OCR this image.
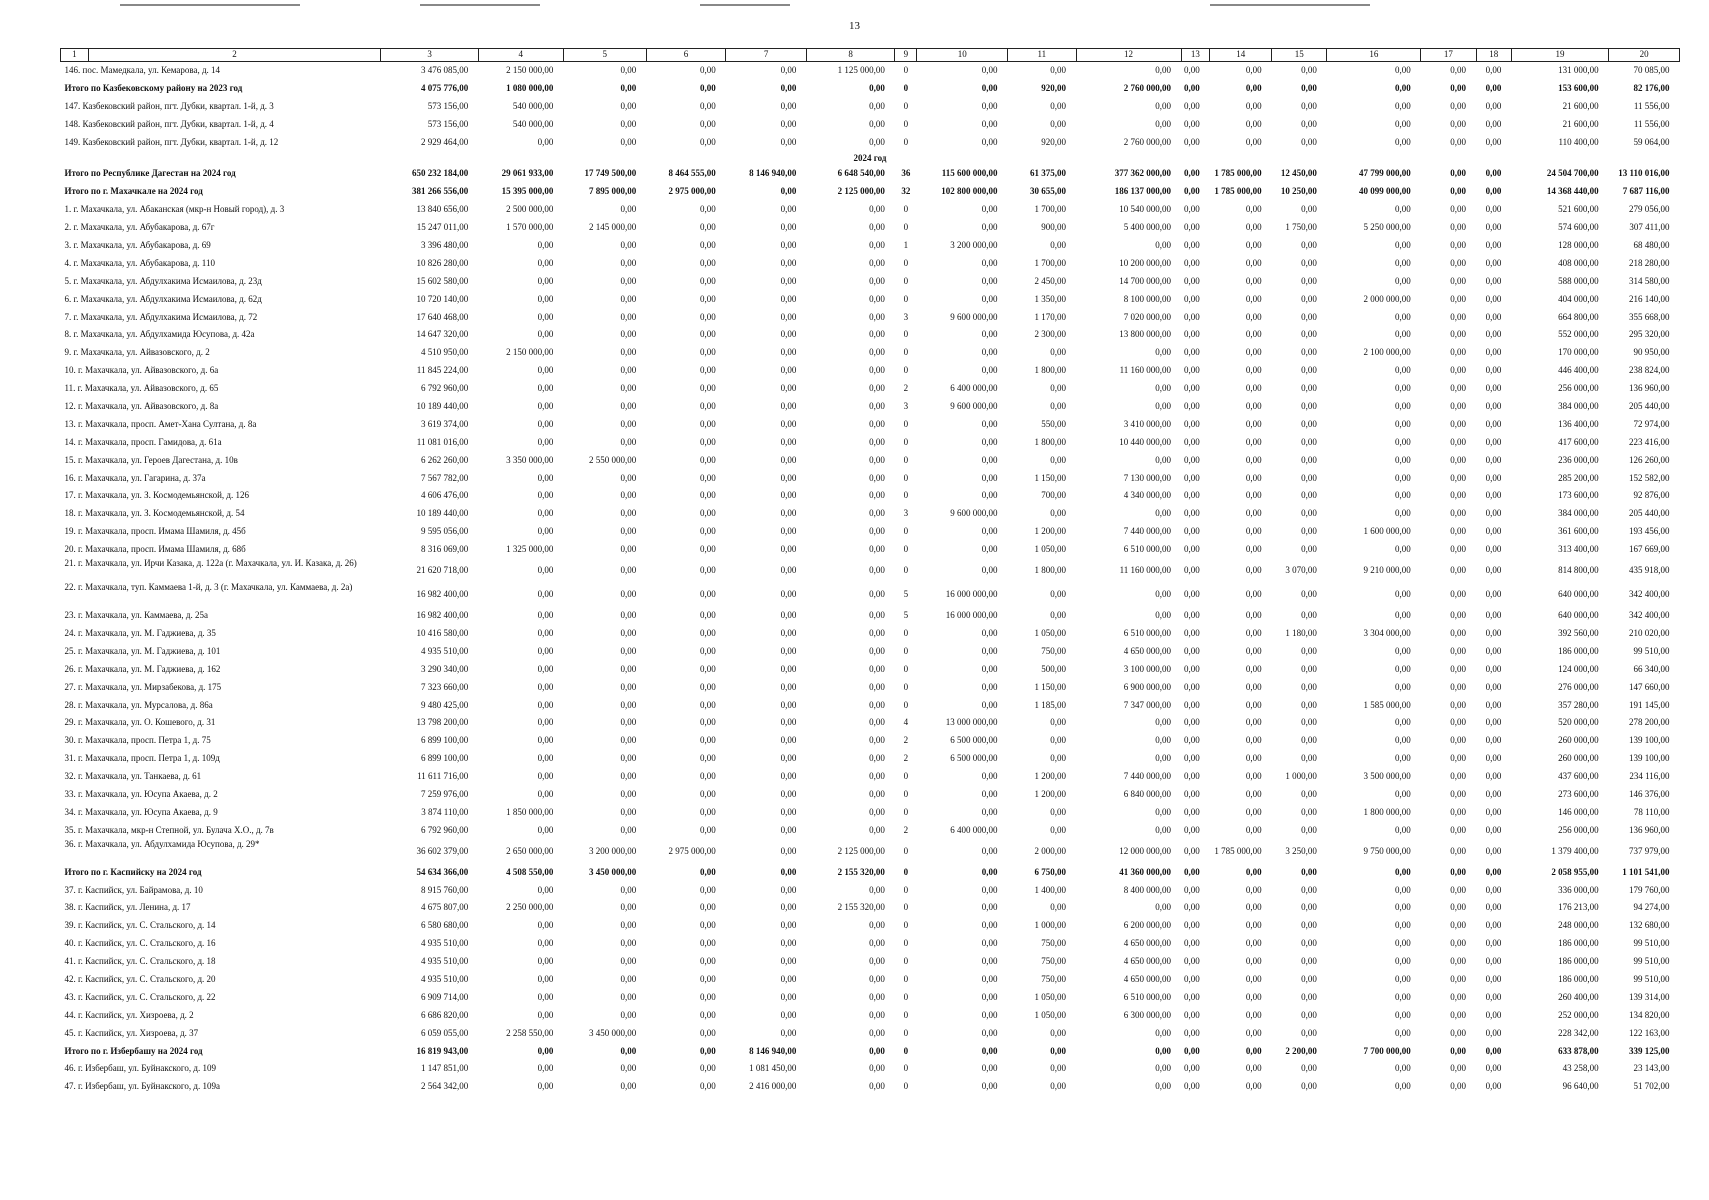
13
1	2	3	4	5	6	7	8	9	10	11	12	13	14	15	16	17	18	19	20
146. пос. Мамедкала, ул. Кемарова, д. 14		3 476 085,00	2 150 000,00	0,00	0,00	0,00	1 125 000,00	0	0,00	0,00	0,00	0,00	0,00	0,00	0,00	0,00	0,00	131 000,00	70 085,00
Итого по Казбековскому району на 2023 год		4 075 776,00	1 080 000,00	0,00	0,00	0,00	0,00	0	0,00	920,00	2 760 000,00	0,00	0,00	0,00	0,00	0,00	0,00	153 600,00	82 176,00
147. Казбековский район, пгт. Дубки, квартал. 1-й, д. 3		573 156,00	540 000,00	0,00	0,00	0,00	0,00	0	0,00	0,00	0,00	0,00	0,00	0,00	0,00	0,00	0,00	21 600,00	11 556,00
148. Казбековский район, пгт. Дубки, квартал. 1-й, д. 4		573 156,00	540 000,00	0,00	0,00	0,00	0,00	0	0,00	0,00	0,00	0,00	0,00	0,00	0,00	0,00	0,00	21 600,00	11 556,00
149. Казбековский район, пгт. Дубки, квартал. 1-й, д. 12		2 929 464,00	0,00	0,00	0,00	0,00	0,00	0	0,00	920,00	2 760 000,00	0,00	0,00	0,00	0,00	0,00	0,00	110 400,00	59 064,00
2024 год																			
Итого по Республике Дагестан на 2024 год		650 232 184,00	29 061 933,00	17 749 500,00	8 464 555,00	8 146 940,00	6 648 540,00	36	115 600 000,00	61 375,00	377 362 000,00	0,00	1 785 000,00	12 450,00	47 799 000,00	0,00	0,00	24 504 700,00	13 110 016,00
Итого по г. Махачкале на 2024 год		381 266 556,00	15 395 000,00	7 895 000,00	2 975 000,00	0,00	2 125 000,00	32	102 800 000,00	30 655,00	186 137 000,00	0,00	1 785 000,00	10 250,00	40 099 000,00	0,00	0,00	14 368 440,00	7 687 116,00
1. г. Махачкала, ул. Абаканская (мкр-н Новый город), д. 3		13 840 656,00	2 500 000,00	0,00	0,00	0,00	0,00	0	0,00	1 700,00	10 540 000,00	0,00	0,00	0,00	0,00	0,00	0,00	521 600,00	279 056,00
2. г. Махачкала, ул. Абубакарова, д. 67г		15 247 011,00	1 570 000,00	2 145 000,00	0,00	0,00	0,00	0	0,00	900,00	5 400 000,00	0,00	0,00	1 750,00	5 250 000,00	0,00	0,00	574 600,00	307 411,00
3. г. Махачкала, ул. Абубакарова, д. 69		3 396 480,00	0,00	0,00	0,00	0,00	0,00	1	3 200 000,00	0,00	0,00	0,00	0,00	0,00	0,00	0,00	0,00	128 000,00	68 480,00
4. г. Махачкала, ул. Абубакарова, д. 110		10 826 280,00	0,00	0,00	0,00	0,00	0,00	0	0,00	1 700,00	10 200 000,00	0,00	0,00	0,00	0,00	0,00	0,00	408 000,00	218 280,00
5. г. Махачкала, ул. Абдулхакима Исмаилова, д. 23д		15 602 580,00	0,00	0,00	0,00	0,00	0,00	0	0,00	2 450,00	14 700 000,00	0,00	0,00	0,00	0,00	0,00	0,00	588 000,00	314 580,00
6. г. Махачкала, ул. Абдулхакима Исмаилова, д. 62д		10 720 140,00	0,00	0,00	0,00	0,00	0,00	0	0,00	1 350,00	8 100 000,00	0,00	0,00	0,00	2 000 000,00	0,00	0,00	404 000,00	216 140,00
7. г. Махачкала, ул. Абдулхакима Исмаилова, д. 72		17 640 468,00	0,00	0,00	0,00	0,00	0,00	3	9 600 000,00	1 170,00	7 020 000,00	0,00	0,00	0,00	0,00	0,00	0,00	664 800,00	355 668,00
8. г. Махачкала, ул. Абдулхамида Юсупова, д. 42а		14 647 320,00	0,00	0,00	0,00	0,00	0,00	0	0,00	2 300,00	13 800 000,00	0,00	0,00	0,00	0,00	0,00	0,00	552 000,00	295 320,00
9. г. Махачкала, ул. Айвазовского, д. 2		4 510 950,00	2 150 000,00	0,00	0,00	0,00	0,00	0	0,00	0,00	0,00	0,00	0,00	0,00	2 100 000,00	0,00	0,00	170 000,00	90 950,00
10. г. Махачкала, ул. Айвазовского, д. 6а		11 845 224,00	0,00	0,00	0,00	0,00	0,00	0	0,00	1 800,00	11 160 000,00	0,00	0,00	0,00	0,00	0,00	0,00	446 400,00	238 824,00
11. г. Махачкала, ул. Айвазовского, д. 65		6 792 960,00	0,00	0,00	0,00	0,00	0,00	2	6 400 000,00	0,00	0,00	0,00	0,00	0,00	0,00	0,00	0,00	256 000,00	136 960,00
12. г. Махачкала, ул. Айвазовского, д. 8а		10 189 440,00	0,00	0,00	0,00	0,00	0,00	3	9 600 000,00	0,00	0,00	0,00	0,00	0,00	0,00	0,00	0,00	384 000,00	205 440,00
13. г. Махачкала, просп. Амет-Хана Султана, д. 8а		3 619 374,00	0,00	0,00	0,00	0,00	0,00	0	0,00	550,00	3 410 000,00	0,00	0,00	0,00	0,00	0,00	0,00	136 400,00	72 974,00
14. г. Махачкала, просп. Гамидова, д. 61а		11 081 016,00	0,00	0,00	0,00	0,00	0,00	0	0,00	1 800,00	10 440 000,00	0,00	0,00	0,00	0,00	0,00	0,00	417 600,00	223 416,00
15. г. Махачкала, ул. Героев Дагестана, д. 10в		6 262 260,00	3 350 000,00	2 550 000,00	0,00	0,00	0,00	0	0,00	0,00	0,00	0,00	0,00	0,00	0,00	0,00	0,00	236 000,00	126 260,00
16. г. Махачкала, ул. Гагарина, д. 37а		7 567 782,00	0,00	0,00	0,00	0,00	0,00	0	0,00	1 150,00	7 130 000,00	0,00	0,00	0,00	0,00	0,00	0,00	285 200,00	152 582,00
17. г. Махачкала, ул. З. Космодемьянской, д. 126		4 606 476,00	0,00	0,00	0,00	0,00	0,00	0	0,00	700,00	4 340 000,00	0,00	0,00	0,00	0,00	0,00	0,00	173 600,00	92 876,00
18. г. Махачкала, ул. З. Космодемьянской, д. 54		10 189 440,00	0,00	0,00	0,00	0,00	0,00	3	9 600 000,00	0,00	0,00	0,00	0,00	0,00	0,00	0,00	0,00	384 000,00	205 440,00
19. г. Махачкала, просп. Имама Шамиля, д. 45б		9 595 056,00	0,00	0,00	0,00	0,00	0,00	0	0,00	1 200,00	7 440 000,00	0,00	0,00	0,00	1 600 000,00	0,00	0,00	361 600,00	193 456,00
20. г. Махачкала, просп. Имама Шамиля, д. 68б		8 316 069,00	1 325 000,00	0,00	0,00	0,00	0,00	0	0,00	1 050,00	6 510 000,00	0,00	0,00	0,00	0,00	0,00	0,00	313 400,00	167 669,00
21. г. Махачкала, ул. Ирчи Казака, д. 122а (г. Махачкала, ул. И. Казака, д. 26)		21 620 718,00	0,00	0,00	0,00	0,00	0,00	0	0,00	1 800,00	11 160 000,00	0,00	0,00	3 070,00	9 210 000,00	0,00	0,00	814 800,00	435 918,00
22. г. Махачкала, туп. Каммаева 1-й, д. 3 (г. Махачкала, ул. Каммаева, д. 2а)		16 982 400,00	0,00	0,00	0,00	0,00	0,00	5	16 000 000,00	0,00	0,00	0,00	0,00	0,00	0,00	0,00	0,00	640 000,00	342 400,00
23. г. Махачкала, ул. Каммаева, д. 25а		16 982 400,00	0,00	0,00	0,00	0,00	0,00	5	16 000 000,00	0,00	0,00	0,00	0,00	0,00	0,00	0,00	0,00	640 000,00	342 400,00
24. г. Махачкала, ул. М. Гаджиева, д. 35		10 416 580,00	0,00	0,00	0,00	0,00	0,00	0	0,00	1 050,00	6 510 000,00	0,00	0,00	1 180,00	3 304 000,00	0,00	0,00	392 560,00	210 020,00
25. г. Махачкала, ул. М. Гаджиева, д. 101		4 935 510,00	0,00	0,00	0,00	0,00	0,00	0	0,00	750,00	4 650 000,00	0,00	0,00	0,00	0,00	0,00	0,00	186 000,00	99 510,00
26. г. Махачкала, ул. М. Гаджиева, д. 162		3 290 340,00	0,00	0,00	0,00	0,00	0,00	0	0,00	500,00	3 100 000,00	0,00	0,00	0,00	0,00	0,00	0,00	124 000,00	66 340,00
27. г. Махачкала, ул. Мирзабекова, д. 175		7 323 660,00	0,00	0,00	0,00	0,00	0,00	0	0,00	1 150,00	6 900 000,00	0,00	0,00	0,00	0,00	0,00	0,00	276 000,00	147 660,00
28. г. Махачкала, ул. Мурсалова, д. 86а		9 480 425,00	0,00	0,00	0,00	0,00	0,00	0	0,00	1 185,00	7 347 000,00	0,00	0,00	0,00	1 585 000,00	0,00	0,00	357 280,00	191 145,00
29. г. Махачкала, ул. О. Кошевого, д. 31		13 798 200,00	0,00	0,00	0,00	0,00	0,00	4	13 000 000,00	0,00	0,00	0,00	0,00	0,00	0,00	0,00	0,00	520 000,00	278 200,00
30. г. Махачкала, просп. Петра 1, д. 75		6 899 100,00	0,00	0,00	0,00	0,00	0,00	2	6 500 000,00	0,00	0,00	0,00	0,00	0,00	0,00	0,00	0,00	260 000,00	139 100,00
31. г. Махачкала, просп. Петра 1, д. 109д		6 899 100,00	0,00	0,00	0,00	0,00	0,00	2	6 500 000,00	0,00	0,00	0,00	0,00	0,00	0,00	0,00	0,00	260 000,00	139 100,00
32. г. Махачкала, ул. Танкаева, д. 61		11 611 716,00	0,00	0,00	0,00	0,00	0,00	0	0,00	1 200,00	7 440 000,00	0,00	0,00	1 000,00	3 500 000,00	0,00	0,00	437 600,00	234 116,00
33. г. Махачкала, ул. Юсупа Акаева, д. 2		7 259 976,00	0,00	0,00	0,00	0,00	0,00	0	0,00	1 200,00	6 840 000,00	0,00	0,00	0,00	0,00	0,00	0,00	273 600,00	146 376,00
34. г. Махачкала, ул. Юсупа Акаева, д. 9		3 874 110,00	1 850 000,00	0,00	0,00	0,00	0,00	0	0,00	0,00	0,00	0,00	0,00	0,00	1 800 000,00	0,00	0,00	146 000,00	78 110,00
35. г. Махачкала, мкр-н Степной, ул. Булача Х.О., д. 7в		6 792 960,00	0,00	0,00	0,00	0,00	0,00	2	6 400 000,00	0,00	0,00	0,00	0,00	0,00	0,00	0,00	0,00	256 000,00	136 960,00
36. г. Махачкала, ул. Абдулхамида Юсупова, д. 29*		36 602 379,00	2 650 000,00	3 200 000,00	2 975 000,00	0,00	2 125 000,00	0	0,00	2 000,00	12 000 000,00	0,00	1 785 000,00	3 250,00	9 750 000,00	0,00	0,00	1 379 400,00	737 979,00
Итого по г. Каспийску на 2024 год		54 634 366,00	4 508 550,00	3 450 000,00	0,00	0,00	2 155 320,00	0	0,00	6 750,00	41 360 000,00	0,00	0,00	0,00	0,00	0,00	0,00	2 058 955,00	1 101 541,00
37. г. Каспийск, ул. Байрамова, д. 10		8 915 760,00	0,00	0,00	0,00	0,00	0,00	0	0,00	1 400,00	8 400 000,00	0,00	0,00	0,00	0,00	0,00	0,00	336 000,00	179 760,00
38. г. Каспийск, ул. Ленина, д. 17		4 675 807,00	2 250 000,00	0,00	0,00	0,00	2 155 320,00	0	0,00	0,00	0,00	0,00	0,00	0,00	0,00	0,00	0,00	176 213,00	94 274,00
39. г. Каспийск, ул. С. Стальского, д. 14		6 580 680,00	0,00	0,00	0,00	0,00	0,00	0	0,00	1 000,00	6 200 000,00	0,00	0,00	0,00	0,00	0,00	0,00	248 000,00	132 680,00
40. г. Каспийск, ул. С. Стальского, д. 16		4 935 510,00	0,00	0,00	0,00	0,00	0,00	0	0,00	750,00	4 650 000,00	0,00	0,00	0,00	0,00	0,00	0,00	186 000,00	99 510,00
41. г. Каспийск, ул. С. Стальского, д. 18		4 935 510,00	0,00	0,00	0,00	0,00	0,00	0	0,00	750,00	4 650 000,00	0,00	0,00	0,00	0,00	0,00	0,00	186 000,00	99 510,00
42. г. Каспийск, ул. С. Стальского, д. 20		4 935 510,00	0,00	0,00	0,00	0,00	0,00	0	0,00	750,00	4 650 000,00	0,00	0,00	0,00	0,00	0,00	0,00	186 000,00	99 510,00
43. г. Каспийск, ул. С. Стальского, д. 22		6 909 714,00	0,00	0,00	0,00	0,00	0,00	0	0,00	1 050,00	6 510 000,00	0,00	0,00	0,00	0,00	0,00	0,00	260 400,00	139 314,00
44. г. Каспийск, ул. Хизроева, д. 2		6 686 820,00	0,00	0,00	0,00	0,00	0,00	0	0,00	1 050,00	6 300 000,00	0,00	0,00	0,00	0,00	0,00	0,00	252 000,00	134 820,00
45. г. Каспийск, ул. Хизроева, д. 37		6 059 055,00	2 258 550,00	3 450 000,00	0,00	0,00	0,00	0	0,00	0,00	0,00	0,00	0,00	0,00	0,00	0,00	0,00	228 342,00	122 163,00
Итого по г. Избербашу на 2024 год		16 819 943,00	0,00	0,00	0,00	8 146 940,00	0,00	0	0,00	0,00	0,00	0,00	0,00	2 200,00	7 700 000,00	0,00	0,00	633 878,00	339 125,00
46. г. Избербаш, ул. Буйнакского, д. 109		1 147 851,00	0,00	0,00	0,00	1 081 450,00	0,00	0	0,00	0,00	0,00	0,00	0,00	0,00	0,00	0,00	0,00	43 258,00	23 143,00
47. г. Избербаш, ул. Буйнакского, д. 109а		2 564 342,00	0,00	0,00	0,00	2 416 000,00	0,00	0	0,00	0,00	0,00	0,00	0,00	0,00	0,00	0,00	0,00	96 640,00	51 702,00
